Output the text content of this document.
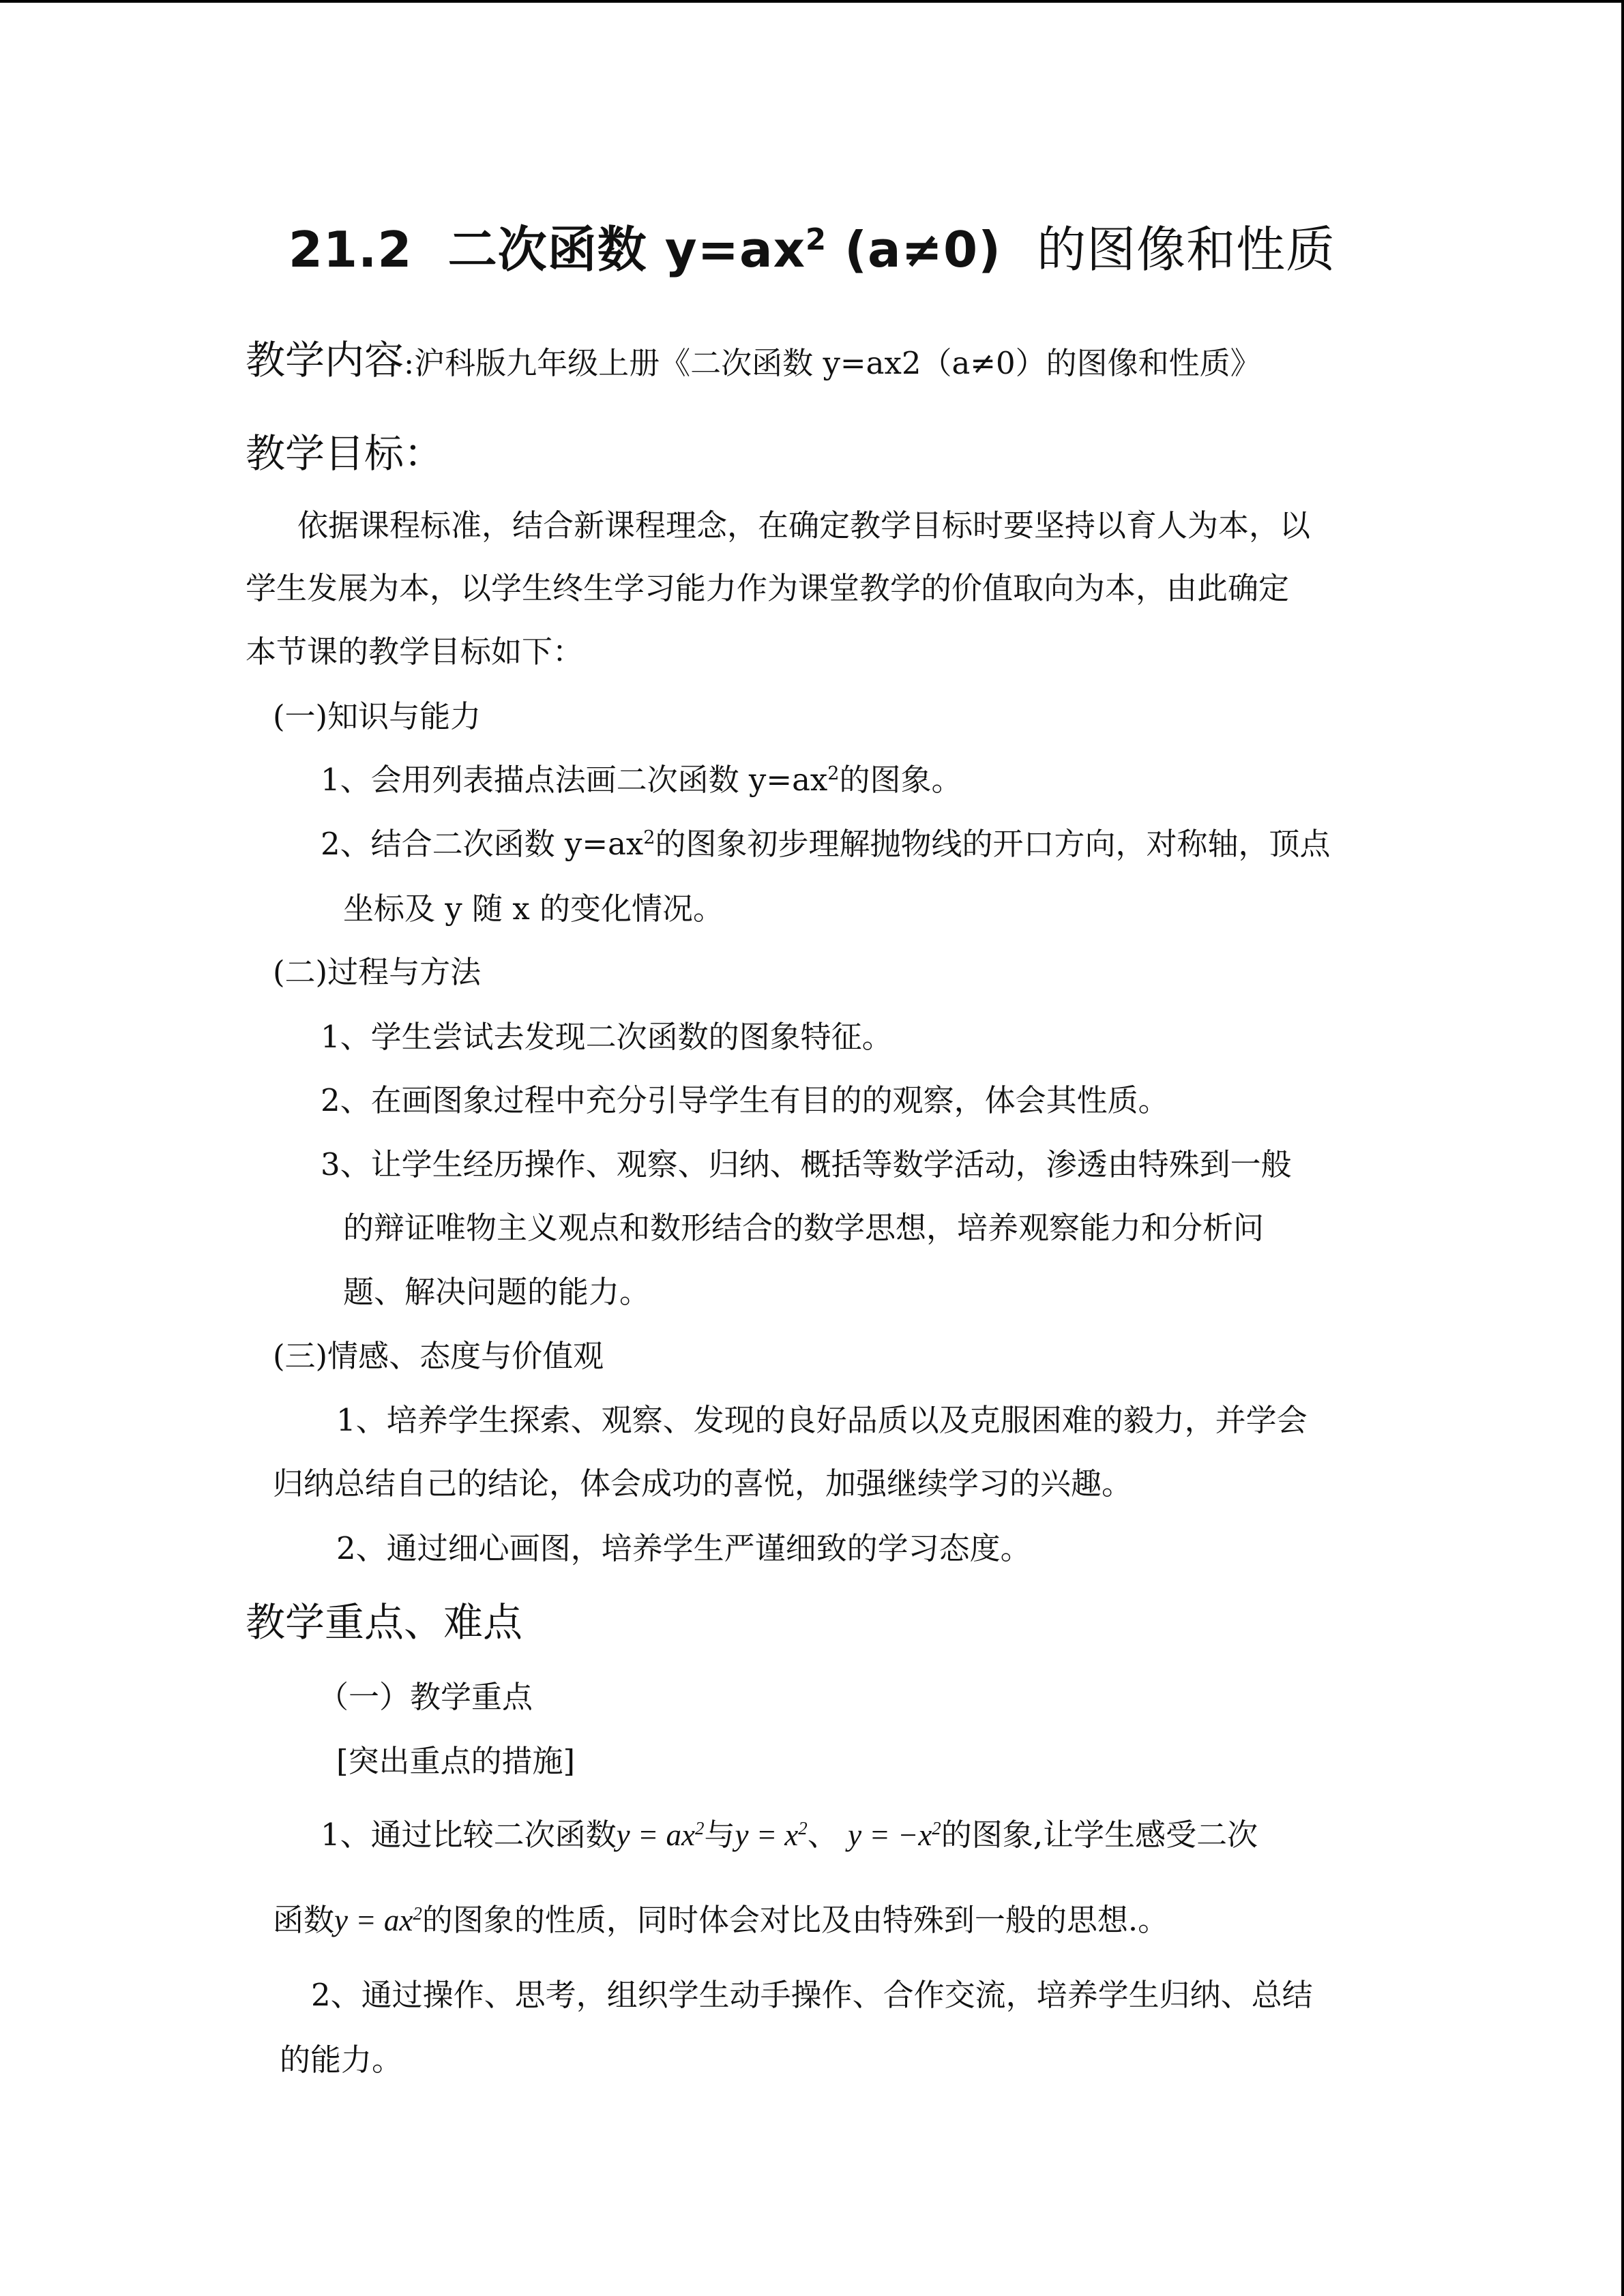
21.2 二次函数 $y=ax^2$ (a≠0) 的图像和性质
教学内容:沪科版九年级上册《二次函数 y=ax2（a≠0）的图像和性质》
教学目标：
依据课程标准，结合新课程理念，在确定教学目标时要坚持以育人为本，以
学生发展为本，以学生终生学习能力作为课堂教学的价值取向为本，由此确定
本节课的教学目标如下：
(一)知识与能力
1、会用列表描点法画二次函数 $y=ax^2$的图象。
2、结合二次函数 $y=ax^2$的图象初步理解抛物线的开口方向，对称轴，顶点
坐标及 y 随 x 的变化情况。
(二)过程与方法
1、学生尝试去发现二次函数的图象特征。
2、在画图象过程中充分引导学生有目的的观察，体会其性质。
3、让学生经历操作、观察、归纳、概括等数学活动，渗透由特殊到一般
的辩证唯物主义观点和数形结合的数学思想，培养观察能力和分析问
题、解决问题的能力。
(三)情感、态度与价值观
1、培养学生探索、观察、发现的良好品质以及克服困难的毅力，并学会
归纳总结自己的结论，体会成功的喜悦，加强继续学习的兴趣。
2、通过细心画图，培养学生严谨细致的学习态度。
教学重点、难点
（一）教学重点
[突出重点的措施]
1、通过比较二次函数$y = ax^2$与$y = x^2$、 $y = -x^2$的图象,让学生感受二次
函数$y = ax^2$的图象的性质，同时体会对比及由特殊到一般的思想.。
2、通过操作、思考，组织学生动手操作、合作交流，培养学生归纳、总结
的能力。
